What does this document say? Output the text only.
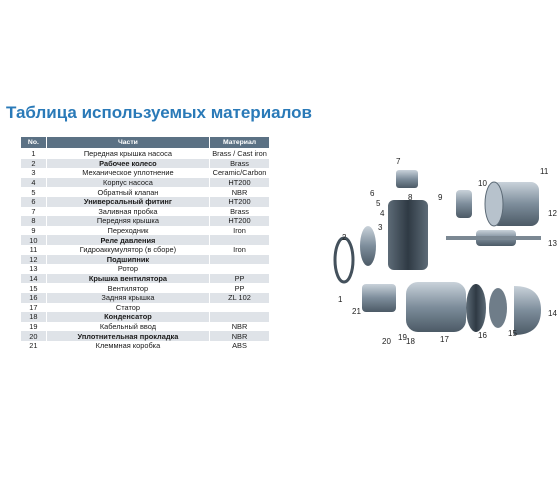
Таблица используемых материалов
No.	Части	Материал
1	Передная крышка насоса	Brass / Cast iron
2	Рабочее колесо	Brass
3	Механическое уплотнение	Ceramic/Carbon
4	Корпус насоса	HT200
5	Обратный клапан	NBR
6	Универсальный фитинг	HT200
7	Заливная пробка	Brass
8	Передняя крышка	HT200
9	Переходник	Iron
10	Реле давления	
11	Гидроаккумулятор (в сборе)	Iron
12	Подшипник	
13	Ротор	
14	Крышка вентилятора	PP
15	Вентилятор	PP
16	Задняя крышка	ZL 102
17	Статор	
18	Конденсатор	
19	Кабельный ввод	NBR
20	Уплотнительная прокладка	NBR
21	Клеммная коробка	ABS
1
2
3
4
5
6
7
8	9
10
11
12
13
14
15
16
17
18
19
20
21
